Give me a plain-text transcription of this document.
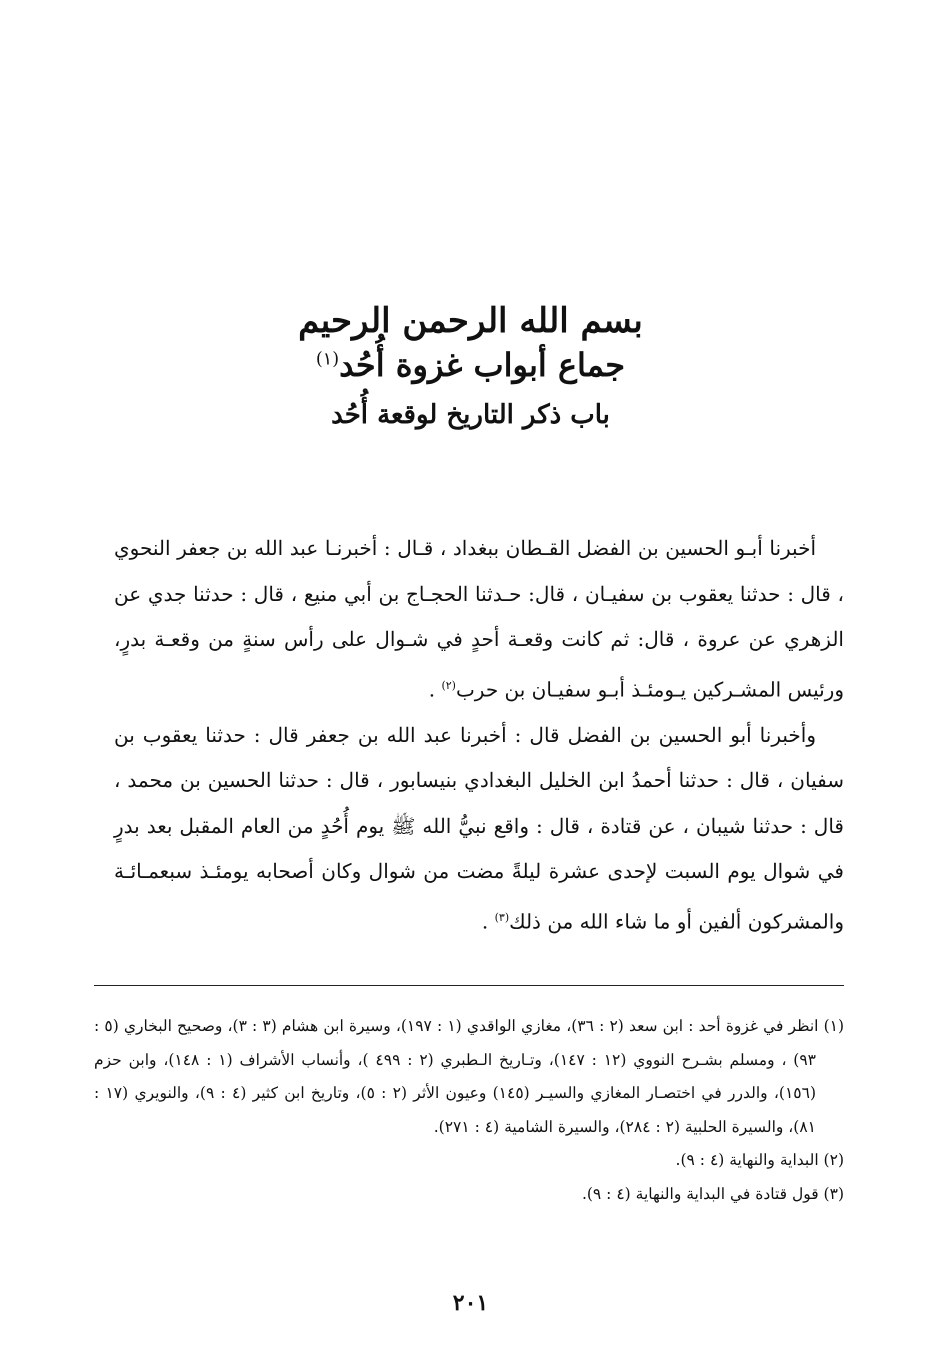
بسم الله الرحمن الرحيم
جماع أبواب غزوة أُحُد$^{(١)}$
باب ذكر التاريخ لوقعة أُحُد

أخبرنا أبـو الحسين بن الفضل القـطان ببغداد ، قـال : أخبرنـا عبد الله بن جعفر النحوي ، قال : حدثنا يعقوب بن سفيـان ، قال: حـدثنا الحجـاج بن أبي منيع ، قال : حدثنا جدي عن الزهري عن عروة ، قال: ثم كانت وقعـة أحدٍ في شـوال على رأس سنةٍ من وقعـة بدرٍ، ورئيس المشـركين يـومئـذ أبـو سفيـان بن حرب$^{(٢)}$ .

وأخبرنا أبو الحسين بن الفضل قال : أخبرنا عبد الله بن جعفر قال : حدثنا يعقوب بن سفيان ، قال : حدثنا أحمدُ ابن الخليل البغدادي بنيسابور ، قال : حدثنا الحسين بن محمد ، قال : حدثنا شيبان ، عن قتادة ، قال : واقع نبيُّ الله ﷺ يوم أُحُدٍ من العام المقبل بعد بدرٍ في شوال يوم السبت لإحدى عشرة ليلةً مضت من شوال وكان أصحابه يومئـذ سبعمـائـة والمشركون ألفين أو ما شاء الله من ذلك$^{(٣)}$ .

(١) انظر في غزوة أحد : ابن سعد (٢ : ٣٦)، مغازي الواقدي (١ : ١٩٧)، وسيرة ابن هشام (٣ : ٣)، وصحيح البخاري (٥ : ٩٣) ، ومسلم بشـرح النووي (١٢ : ١٤٧)، وتـاريخ الـطبري (٢ : ٤٩٩ )، وأنساب الأشراف (١ : ١٤٨)، وابن حزم (١٥٦)، والدرر في اختصـار المغازي والسيـر (١٤٥) وعيون الأثر (٢ : ٥)، وتاريخ ابن كثير (٤ : ٩)، والنويري (١٧ : ٨١)، والسيرة الحلبية (٢ : ٢٨٤)، والسيرة الشامية (٤ : ٢٧١).

(٢) البداية والنهاية (٤ : ٩).

(٣) قول قتادة في البداية والنهاية (٤ : ٩).

٢٠١
